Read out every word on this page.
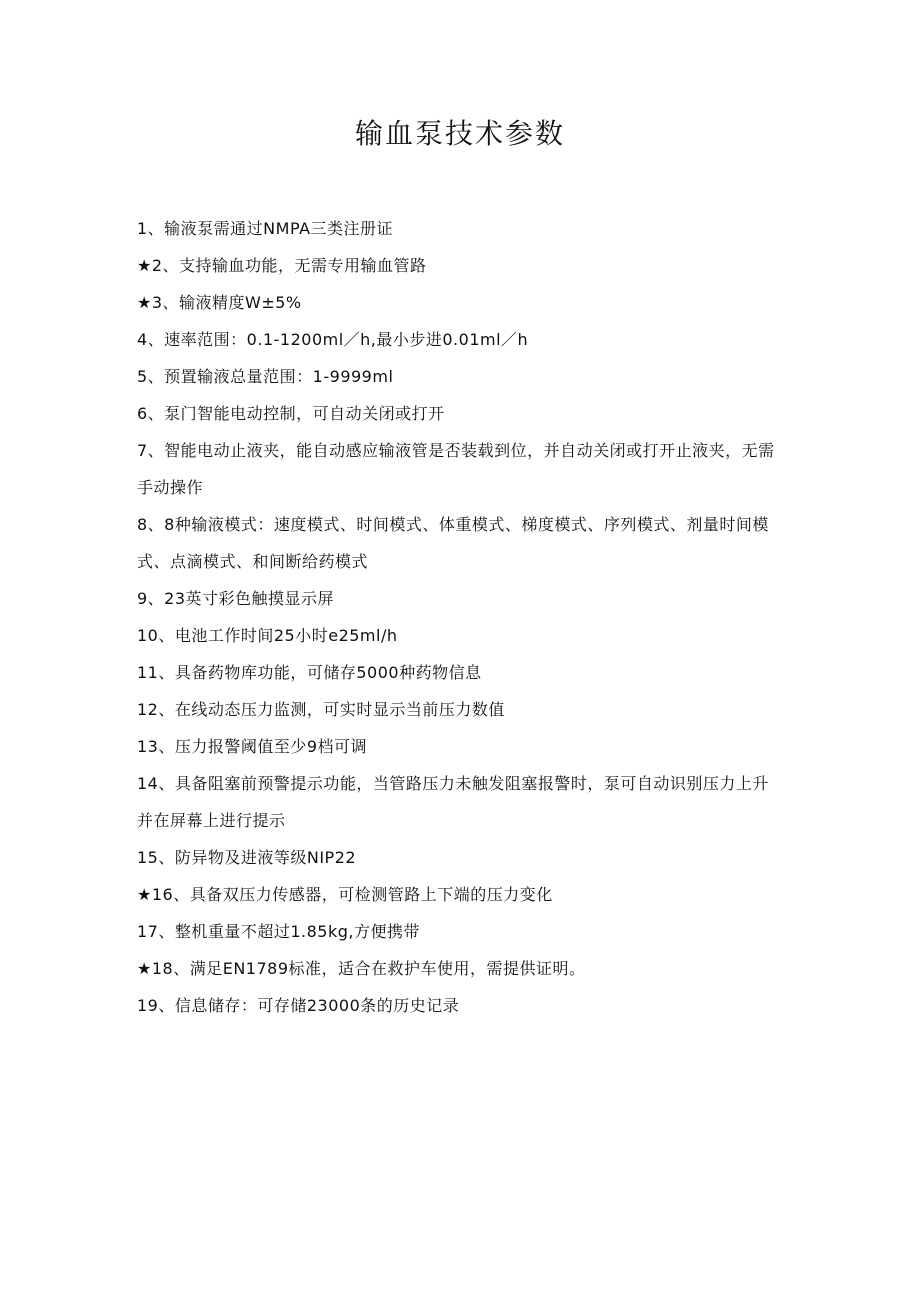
输血泵技术参数
1、输液泵需通过NMPA三类注册证
★2、支持输血功能，无需专用输血管路
★3、输液精度W±5%
4、速率范围：0.1-1200ml／h,最小步进0.01ml／h
5、预置输液总量范围：1-9999ml
6、泵门智能电动控制，可自动关闭或打开
7、智能电动止液夹，能自动感应输液管是否装载到位，并自动关闭或打开止液夹，无需手动操作
8、8种输液模式：速度模式、时间模式、体重模式、梯度模式、序列模式、剂量时间模式、点滴模式、和间断给药模式
9、23英寸彩色触摸显示屏
10、电池工作时间25小时e25ml/h
11、具备药物库功能，可储存5000种药物信息
12、在线动态压力监测，可实时显示当前压力数值
13、压力报警阈值至少9档可调
14、具备阻塞前预警提示功能，当管路压力未触发阻塞报警时，泵可自动识别压力上升并在屏幕上进行提示
15、防异物及进液等级NIP22
★16、具备双压力传感器，可检测管路上下端的压力变化
17、整机重量不超过1.85kg,方便携带
★18、满足EN1789标准，适合在救护车使用，需提供证明。
19、信息储存：可存储23000条的历史记录
